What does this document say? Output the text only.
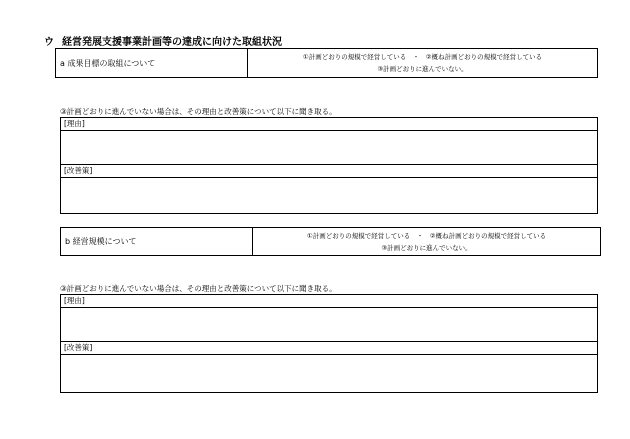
ウ 経営発展支援事業計画等の達成に向けた取組状況
a 成果目標の取組について
①計画どおりの規模で経営している　・　②概ね計画どおりの規模で経営している
③計画どおりに進んでいない。
③計画どおりに進んでいない場合は、その理由と改善策について以下に聞き取る。
[理由]
[改善策]
b 経営規模について
①計画どおりの規模で経営している　・　②概ね計画どおりの規模で経営している
③計画どおりに進んでいない。
③計画どおりに進んでいない場合は、その理由と改善策について以下に聞き取る。
[理由]
[改善策]
